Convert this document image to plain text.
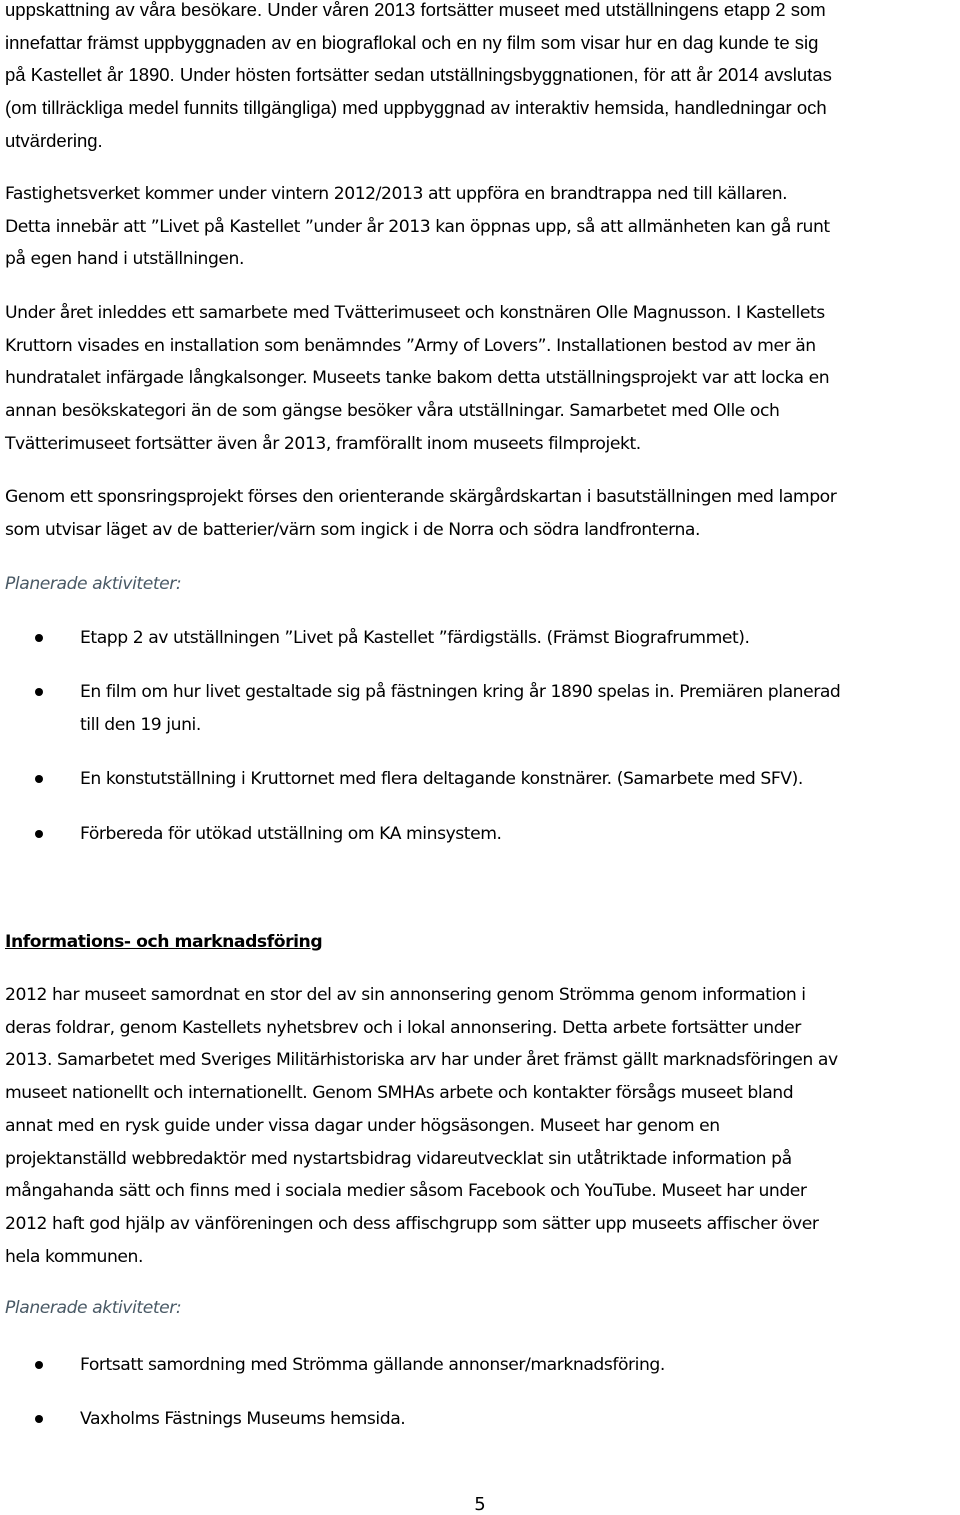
uppskattning av våra besökare. Under våren 2013 fortsätter museet med utställningens etapp 2 som
innefattar främst uppbyggnaden av en biograflokal och en ny film som visar hur en dag kunde te sig
på Kastellet år 1890. Under hösten fortsätter sedan utställningsbyggnationen, för att år 2014 avslutas
(om tillräckliga medel funnits tillgängliga) med uppbyggnad av interaktiv hemsida, handledningar och
utvärdering.

Fastighetsverket kommer under vintern 2012/2013 att uppföra en brandtrappa ned till källaren.
Detta innebär att ”Livet på Kastellet ”under år 2013 kan öppnas upp, så att allmänheten kan gå runt
på egen hand i utställningen.

Under året inleddes ett samarbete med Tvätterimuseet och konstnären Olle Magnusson. I Kastellets
Kruttorn visades en installation som benämndes ”Army of Lovers”. Installationen bestod av mer än
hundratalet infärgade långkalsonger. Museets tanke bakom detta utställningsprojekt var att locka en
annan besökskategori än de som gängse besöker våra utställningar. Samarbetet med Olle och
Tvätterimuseet fortsätter även år 2013, framförallt inom museets filmprojekt.

Genom ett sponsringsprojekt förses den orienterande skärgårdskartan i basutställningen med lampor
som utvisar läget av de batterier/värn som ingick i de Norra och södra landfronterna.

Planerade aktiviteter:

Etapp 2 av utställningen ”Livet på Kastellet ”färdigställs. (Främst Biografrummet).
En film om hur livet gestaltade sig på fästningen kring år 1890 spelas in. Premiären planerad
till den 19 juni.
En konstutställning i Kruttornet med flera deltagande konstnärer. (Samarbete med SFV).
Förbereda för utökad utställning om KA minsystem.

Informations- och marknadsföring

2012 har museet samordnat en stor del av sin annonsering genom Strömma genom information i
deras foldrar, genom Kastellets nyhetsbrev och i lokal annonsering. Detta arbete fortsätter under
2013. Samarbetet med Sveriges Militärhistoriska arv har under året främst gällt marknadsföringen av
museet nationellt och internationellt. Genom SMHAs arbete och kontakter försågs museet bland
annat med en rysk guide under vissa dagar under högsäsongen. Museet har genom en
projektanställd webbredaktör med nystartsbidrag vidareutvecklat sin utåtriktade information på
mångahanda sätt och finns med i sociala medier såsom Facebook och YouTube. Museet har under
2012 haft god hjälp av vänföreningen och dess affischgrupp som sätter upp museets affischer över
hela kommunen.

Planerade aktiviteter:

Fortsatt samordning med Strömma gällande annonser/marknadsföring.
Vaxholms Fästnings Museums hemsida.
5
